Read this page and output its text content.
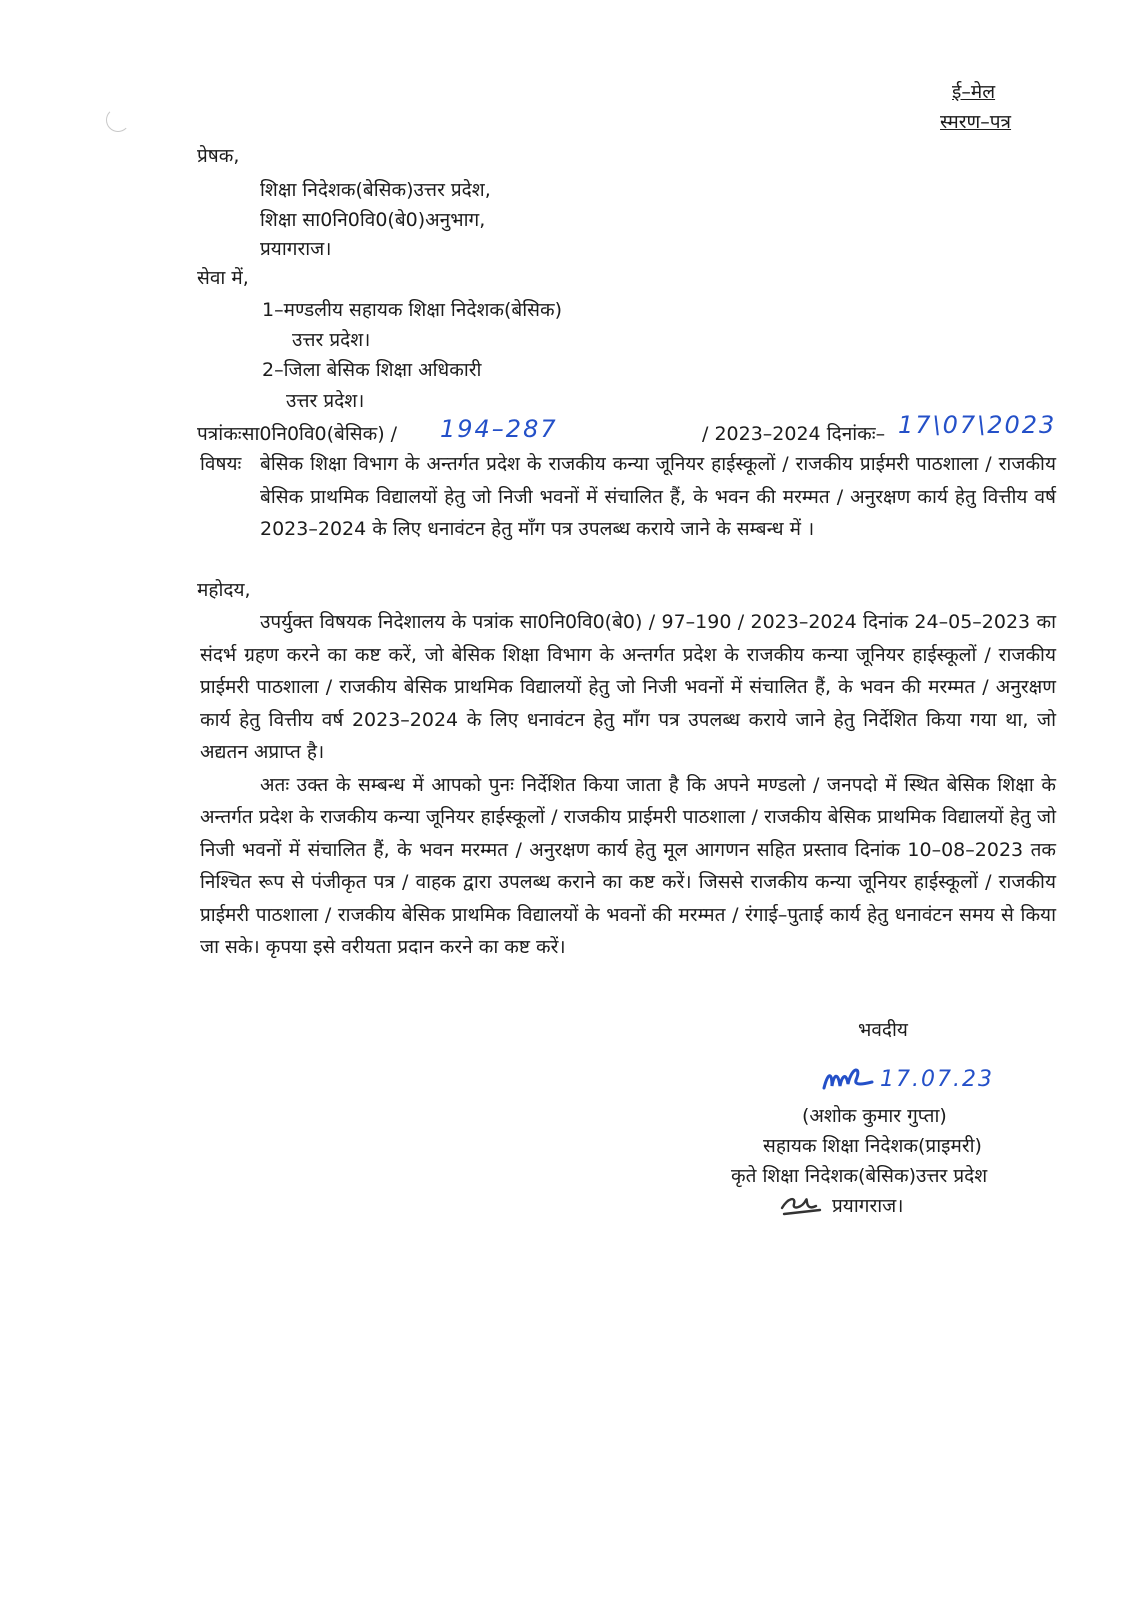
ई–मेल
स्मरण–पत्र
प्रेषक,
शिक्षा निदेशक(बेसिक)उत्तर प्रदेश,
शिक्षा सा0नि0वि0(बे0)अनुभाग,
प्रयागराज।
सेवा में,
1–मण्डलीय सहायक शिक्षा निदेशक(बेसिक)
उत्तर प्रदेश।
2–जिला बेसिक शिक्षा अधिकारी
उत्तर प्रदेश।
पत्रांकःसा0नि0वि0(बेसिक) / 194–287	/ 2023–2024 दिनांकः– 17\07\2023
विषयः बेसिक शिक्षा विभाग के अन्तर्गत प्रदेश के राजकीय कन्या जूनियर हाईस्कूलों / राजकीय प्राईमरी पाठशाला / राजकीय बेसिक प्राथमिक विद्यालयों हेतु जो निजी भवनों में संचालित हैं, के भवन की मरम्मत / अनुरक्षण कार्य हेतु वित्तीय वर्ष 2023–2024 के लिए धनावंटन हेतु माँग पत्र उपलब्ध कराये जाने के सम्बन्ध में ।
महोदय,

उपर्युक्त विषयक निदेशालय के पत्रांक सा0नि0वि0(बे0) / 97–190 / 2023–2024 दिनांक 24–05–2023 का संदर्भ ग्रहण करने का कष्ट करें, जो बेसिक शिक्षा विभाग के अन्तर्गत प्रदेश के राजकीय कन्या जूनियर हाईस्कूलों / राजकीय प्राईमरी पाठशाला / राजकीय बेसिक प्राथमिक विद्यालयों हेतु जो निजी भवनों में संचालित हैं, के भवन की मरम्मत / अनुरक्षण कार्य हेतु वित्तीय वर्ष 2023–2024 के लिए धनावंटन हेतु माँग पत्र उपलब्ध कराये जाने हेतु निर्देशित किया गया था, जो अद्यतन अप्राप्त है।

अतः उक्त के सम्बन्ध में आपको पुनः निर्देशित किया जाता है कि अपने मण्डलो / जनपदो में स्थित बेसिक शिक्षा के अन्तर्गत प्रदेश के राजकीय कन्या जूनियर हाईस्कूलों / राजकीय प्राईमरी पाठशाला / राजकीय बेसिक प्राथमिक विद्यालयों हेतु जो निजी भवनों में संचालित हैं, के भवन मरम्मत / अनुरक्षण कार्य हेतु मूल आगणन सहित प्रस्ताव दिनांक 10–08–2023 तक निश्चित रूप से पंजीकृत पत्र / वाहक द्वारा उपलब्ध कराने का कष्ट करें। जिससे राजकीय कन्या जूनियर हाईस्कूलों / राजकीय प्राईमरी पाठशाला / राजकीय बेसिक प्राथमिक विद्यालयों के भवनों की मरम्मत / रंगाई–पुताई कार्य हेतु धनावंटन समय से किया जा सके। कृपया इसे वरीयता प्रदान करने का कष्ट करें।

भवदीय
17.07.23
(अशोक कुमार गुप्ता)
सहायक शिक्षा निदेशक(प्राइमरी)
कृते शिक्षा निदेशक(बेसिक)उत्तर प्रदेश
प्रयागराज।
